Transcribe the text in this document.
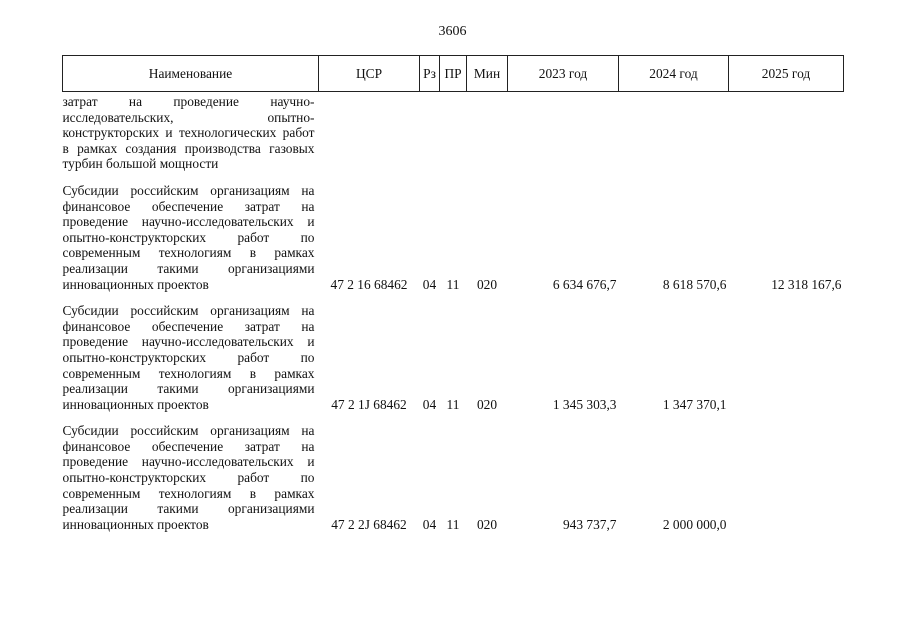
3606
Наименование	ЦСР	Рз	ПР	Мин	2023 год	2024 год	2025 год
затрат на проведение научно-исследовательских, опытно-конструкторских и технологических работ в рамках создания производства газовых турбин большой мощности							
Субсидии российским организациям на финансовое обеспечение затрат на проведение научно-исследовательских и опытно-конструкторских работ по современным технологиям в рамках реализации такими организациями инновационных проектов	47 2 16 68462	04	11	020	6 634 676,7	8 618 570,6	12 318 167,6
Субсидии российским организациям на финансовое обеспечение затрат на проведение научно-исследовательских и опытно-конструкторских работ по современным технологиям в рамках реализации такими организациями инновационных проектов	47 2 1J 68462	04	11	020	1 345 303,3	1 347 370,1	
Субсидии российским организациям на финансовое обеспечение затрат на проведение научно-исследовательских и опытно-конструкторских работ по современным технологиям в рамках реализации такими организациями инновационных проектов	47 2 2J 68462	04	11	020	943 737,7	2 000 000,0	
